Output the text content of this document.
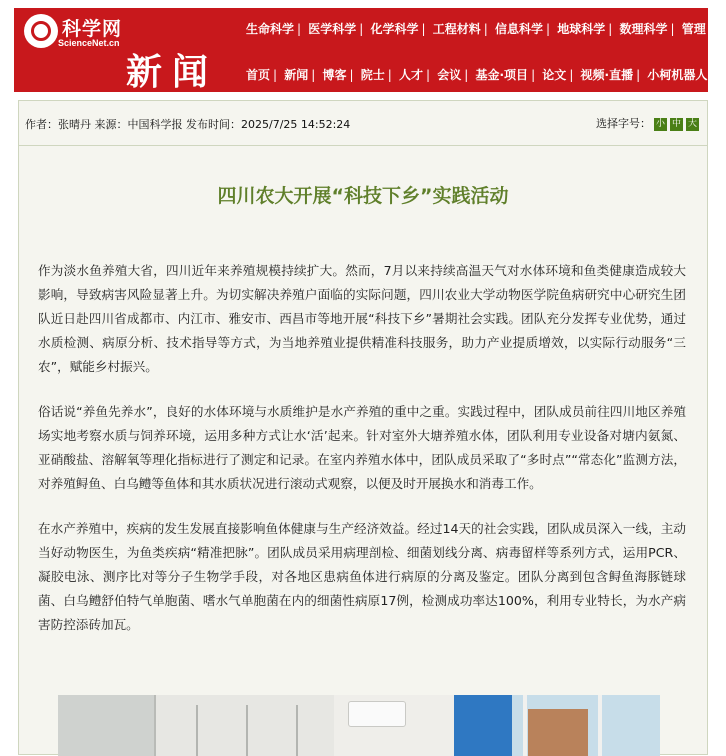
科学网
ScienceNet.cn
新闻
生命科学 | 医学科学 | 化学科学 | 工程材料 | 信息科学 | 地球科学 | 数理科学 | 管理
首页 | 新闻 | 博客 | 院士 | 人才 | 会议 | 基金·项目 | 论文 | 视频·直播 | 小柯机器人 | I
作者：张晴丹 来源：中国科学报 发布时间：2025/7/25 14:52:24	选择字号： 小 中 大
四川农大开展“科技下乡”实践活动

作为淡水鱼养殖大省，四川近年来养殖规模持续扩大。然而，7月以来持续高温天气对水体环境和鱼类健康造成较大影响，导致病害风险显著上升。为切实解决养殖户面临的实际问题，四川农业大学动物医学院鱼病研究中心研究生团队近日赴四川省成都市、内江市、雅安市、西昌市等地开展“科技下乡”暑期社会实践。团队充分发挥专业优势，通过水质检测、病原分析、技术指导等方式，为当地养殖业提供精准科技服务，助力产业提质增效，以实际行动服务“三农”，赋能乡村振兴。

俗话说“养鱼先养水”，良好的水体环境与水质维护是水产养殖的重中之重。实践过程中，团队成员前往四川地区养殖场实地考察水质与饲养环境，运用多种方式让水‘活’起来。针对室外大塘养殖水体，团队利用专业设备对塘内氨氮、亚硝酸盐、溶解氧等理化指标进行了测定和记录。在室内养殖水体中，团队成员采取了“多时点”“常态化”监测方法，对养殖鲟鱼、白乌鳢等鱼体和其水质状况进行滚动式观察，以便及时开展换水和消毒工作。

在水产养殖中，疾病的发生发展直接影响鱼体健康与生产经济效益。经过14天的社会实践，团队成员深入一线，主动当好动物医生，为鱼类疾病“精准把脉”。团队成员采用病理剖检、细菌划线分离、病毒留样等系列方式，运用PCR、凝胶电泳、测序比对等分子生物学手段，对各地区患病鱼体进行病原的分离及鉴定。团队分离到包含鲟鱼海豚链球菌、白乌鳢舒伯特气单胞菌、嗜水气单胞菌在内的细菌性病原17例，检测成功率达100%，利用专业特长，为水产病害防控添砖加瓦。
